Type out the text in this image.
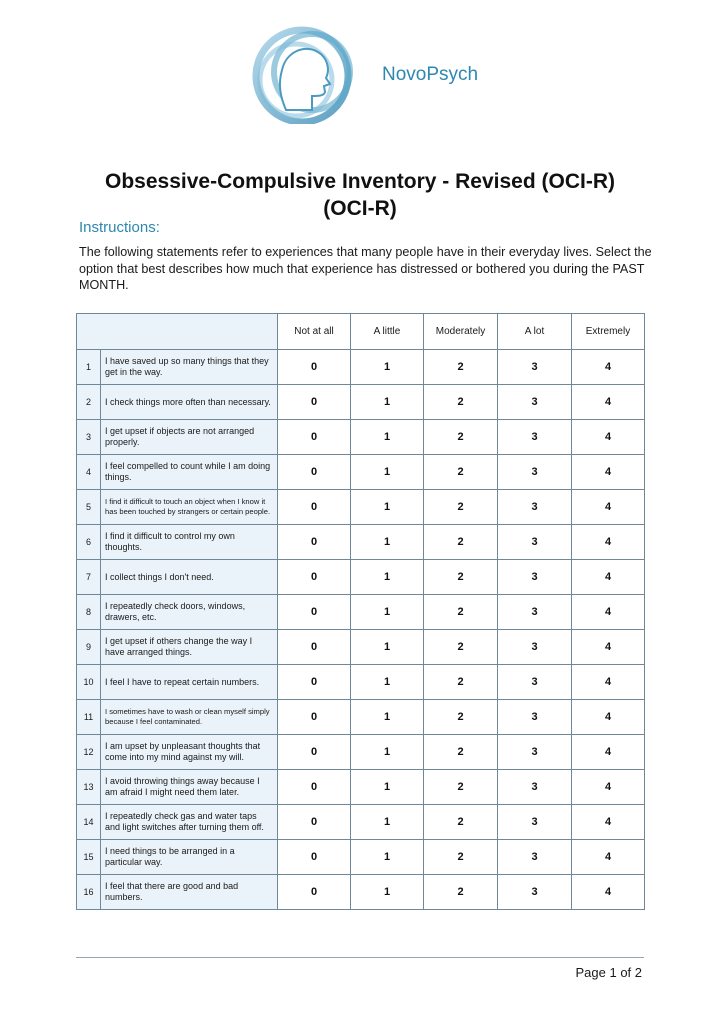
NovoPsych
Obsessive-Compulsive Inventory - Revised (OCI-R)
(OCI-R)
Instructions:
The following statements refer to experiences that many people have in their everyday lives. Select the option that best describes how much that experience has distressed or bothered you during the PAST MONTH.
		Not at all	A little	Moderately	A lot	Extremely
1	I have saved up so many things that they get in the way.	0	1	2	3	4
2	I check things more often than necessary.	0	1	2	3	4
3	I get upset if objects are not arranged properly.	0	1	2	3	4
4	I feel compelled to count while I am doing things.	0	1	2	3	4
5	I find it difficult to touch an object when I know it has been touched by strangers or certain people.	0	1	2	3	4
6	I find it difficult to control my own thoughts.	0	1	2	3	4
7	I collect things I don't need.	0	1	2	3	4
8	I repeatedly check doors, windows, drawers, etc.	0	1	2	3	4
9	I get upset if others change the way I have arranged things.	0	1	2	3	4
10	I feel I have to repeat certain numbers.	0	1	2	3	4
11	I sometimes have to wash or clean myself simply because I feel contaminated.	0	1	2	3	4
12	I am upset by unpleasant thoughts that come into my mind against my will.	0	1	2	3	4
13	I avoid throwing things away because I am afraid I might need them later.	0	1	2	3	4
14	I repeatedly check gas and water taps and light switches after turning them off.	0	1	2	3	4
15	I need things to be arranged in a particular way.	0	1	2	3	4
16	I feel that there are good and bad numbers.	0	1	2	3	4
Page 1 of 2
